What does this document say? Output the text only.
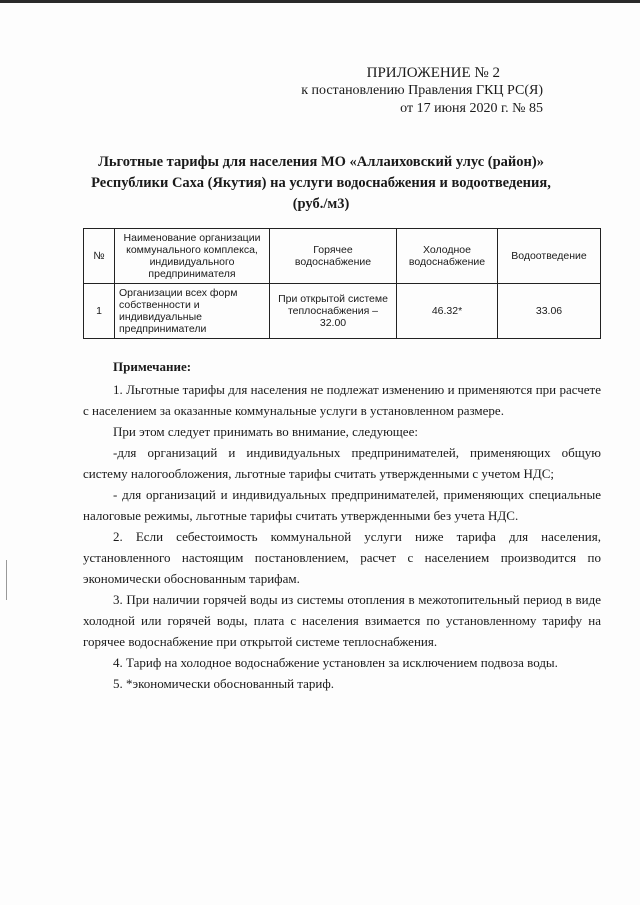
ПРИЛОЖЕНИЕ № 2
к постановлению Правления ГКЦ РС(Я)
от 17 июня 2020 г. № 85
Льготные тарифы для населения МО «Аллаиховский улус (район)»
Республики Саха (Якутия) на услуги водоснабжения и водоотведения,
(руб./м3)
№	Наименование организации коммунального комплекса, индивидуального предпринимателя	Горячее водоснабжение	Холодное водоснабжение	Водоотведение
1	Организации всех форм собственности и индивидуальные предприниматели	При открытой системе теплоснабжения – 32.00	46.32*	33.06

Примечание:

1. Льготные тарифы для населения не подлежат изменению и применяются при расчете с населением за оказанные коммунальные услуги в установленном размере.

При этом следует принимать во внимание, следующее:

-для организаций и индивидуальных предпринимателей, применяющих общую систему налогообложения, льготные тарифы считать утвержденными с учетом НДС;

- для организаций и индивидуальных предпринимателей, применяющих специальные налоговые режимы, льготные тарифы считать утвержденными без учета НДС.

2. Если себестоимость коммунальной услуги ниже тарифа для населения, установленного настоящим постановлением, расчет с населением производится по экономически обоснованным тарифам.

3. При наличии горячей воды из системы отопления в межотопительный период в виде холодной или горячей воды, плата с населения взимается по установленному тарифу на горячее водоснабжение при открытой системе теплоснабжения.

4. Тариф на холодное водоснабжение установлен за исключением подвоза воды.

5. *экономически обоснованный тариф.
